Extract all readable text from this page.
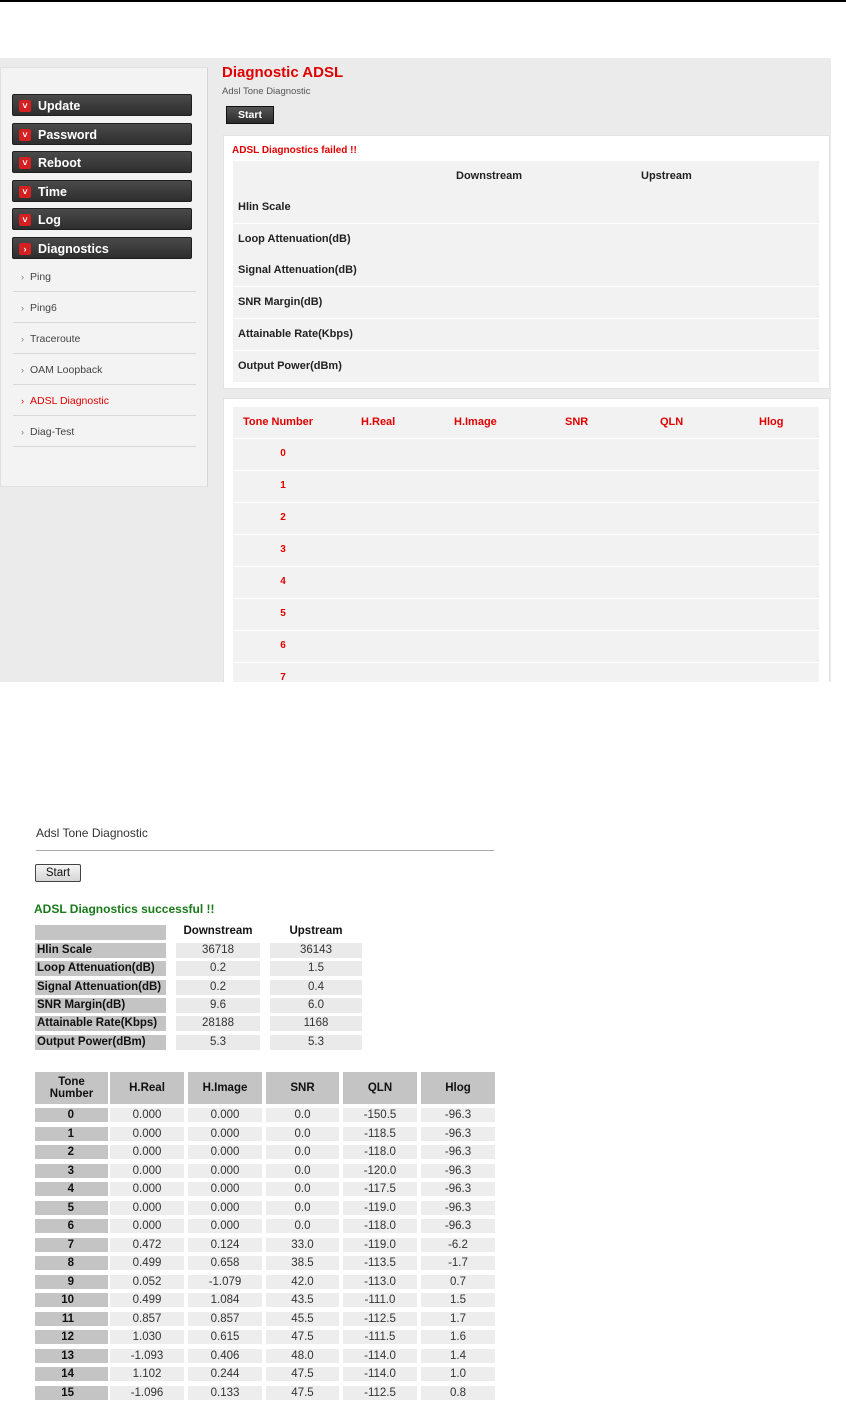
˅ Update
˅ Password
˅ Reboot
˅ Time
˅ Log
› Diagnostics
› Ping
› Ping6
› Traceroute
› OAM Loopback
› ADSL Diagnostic
› Diag-Test
Diagnostic ADSL
Adsl Tone Diagnostic
Start
ADSL Diagnostics failed !!
Downstream	Upstream
Hlin Scale
Loop Attenuation(dB)
Signal Attenuation(dB)
SNR Margin(dB)
Attainable Rate(Kbps)
Output Power(dBm)
Tone Number	H.Real	H.Image	SNR	QLN	Hlog
0
1
2
3
4
5
6
7
Adsl Tone Diagnostic
Start
ADSL Diagnostics successful !!
Downstream	Upstream
Hlin Scale	36718	36143
Loop Attenuation(dB)	0.2	1.5
Signal Attenuation(dB)	0.2	0.4
SNR Margin(dB)	9.6	6.0
Attainable Rate(Kbps)	28188	1168
Output Power(dBm)	5.3	5.3
Tone Number	H.Real	H.Image	SNR	QLN	Hlog
0	0.000	0.000	0.0	-150.5	-96.3
1	0.000	0.000	0.0	-118.5	-96.3
2	0.000	0.000	0.0	-118.0	-96.3
3	0.000	0.000	0.0	-120.0	-96.3
4	0.000	0.000	0.0	-117.5	-96.3
5	0.000	0.000	0.0	-119.0	-96.3
6	0.000	0.000	0.0	-118.0	-96.3
7	0.472	0.124	33.0	-119.0	-6.2
8	0.499	0.658	38.5	-113.5	-1.7
9	0.052	-1.079	42.0	-113.0	0.7
10	0.499	1.084	43.5	-111.0	1.5
11	0.857	0.857	45.5	-112.5	1.7
12	1.030	0.615	47.5	-111.5	1.6
13	-1.093	0.406	48.0	-114.0	1.4
14	1.102	0.244	47.5	-114.0	1.0
15	-1.096	0.133	47.5	-112.5	0.8
